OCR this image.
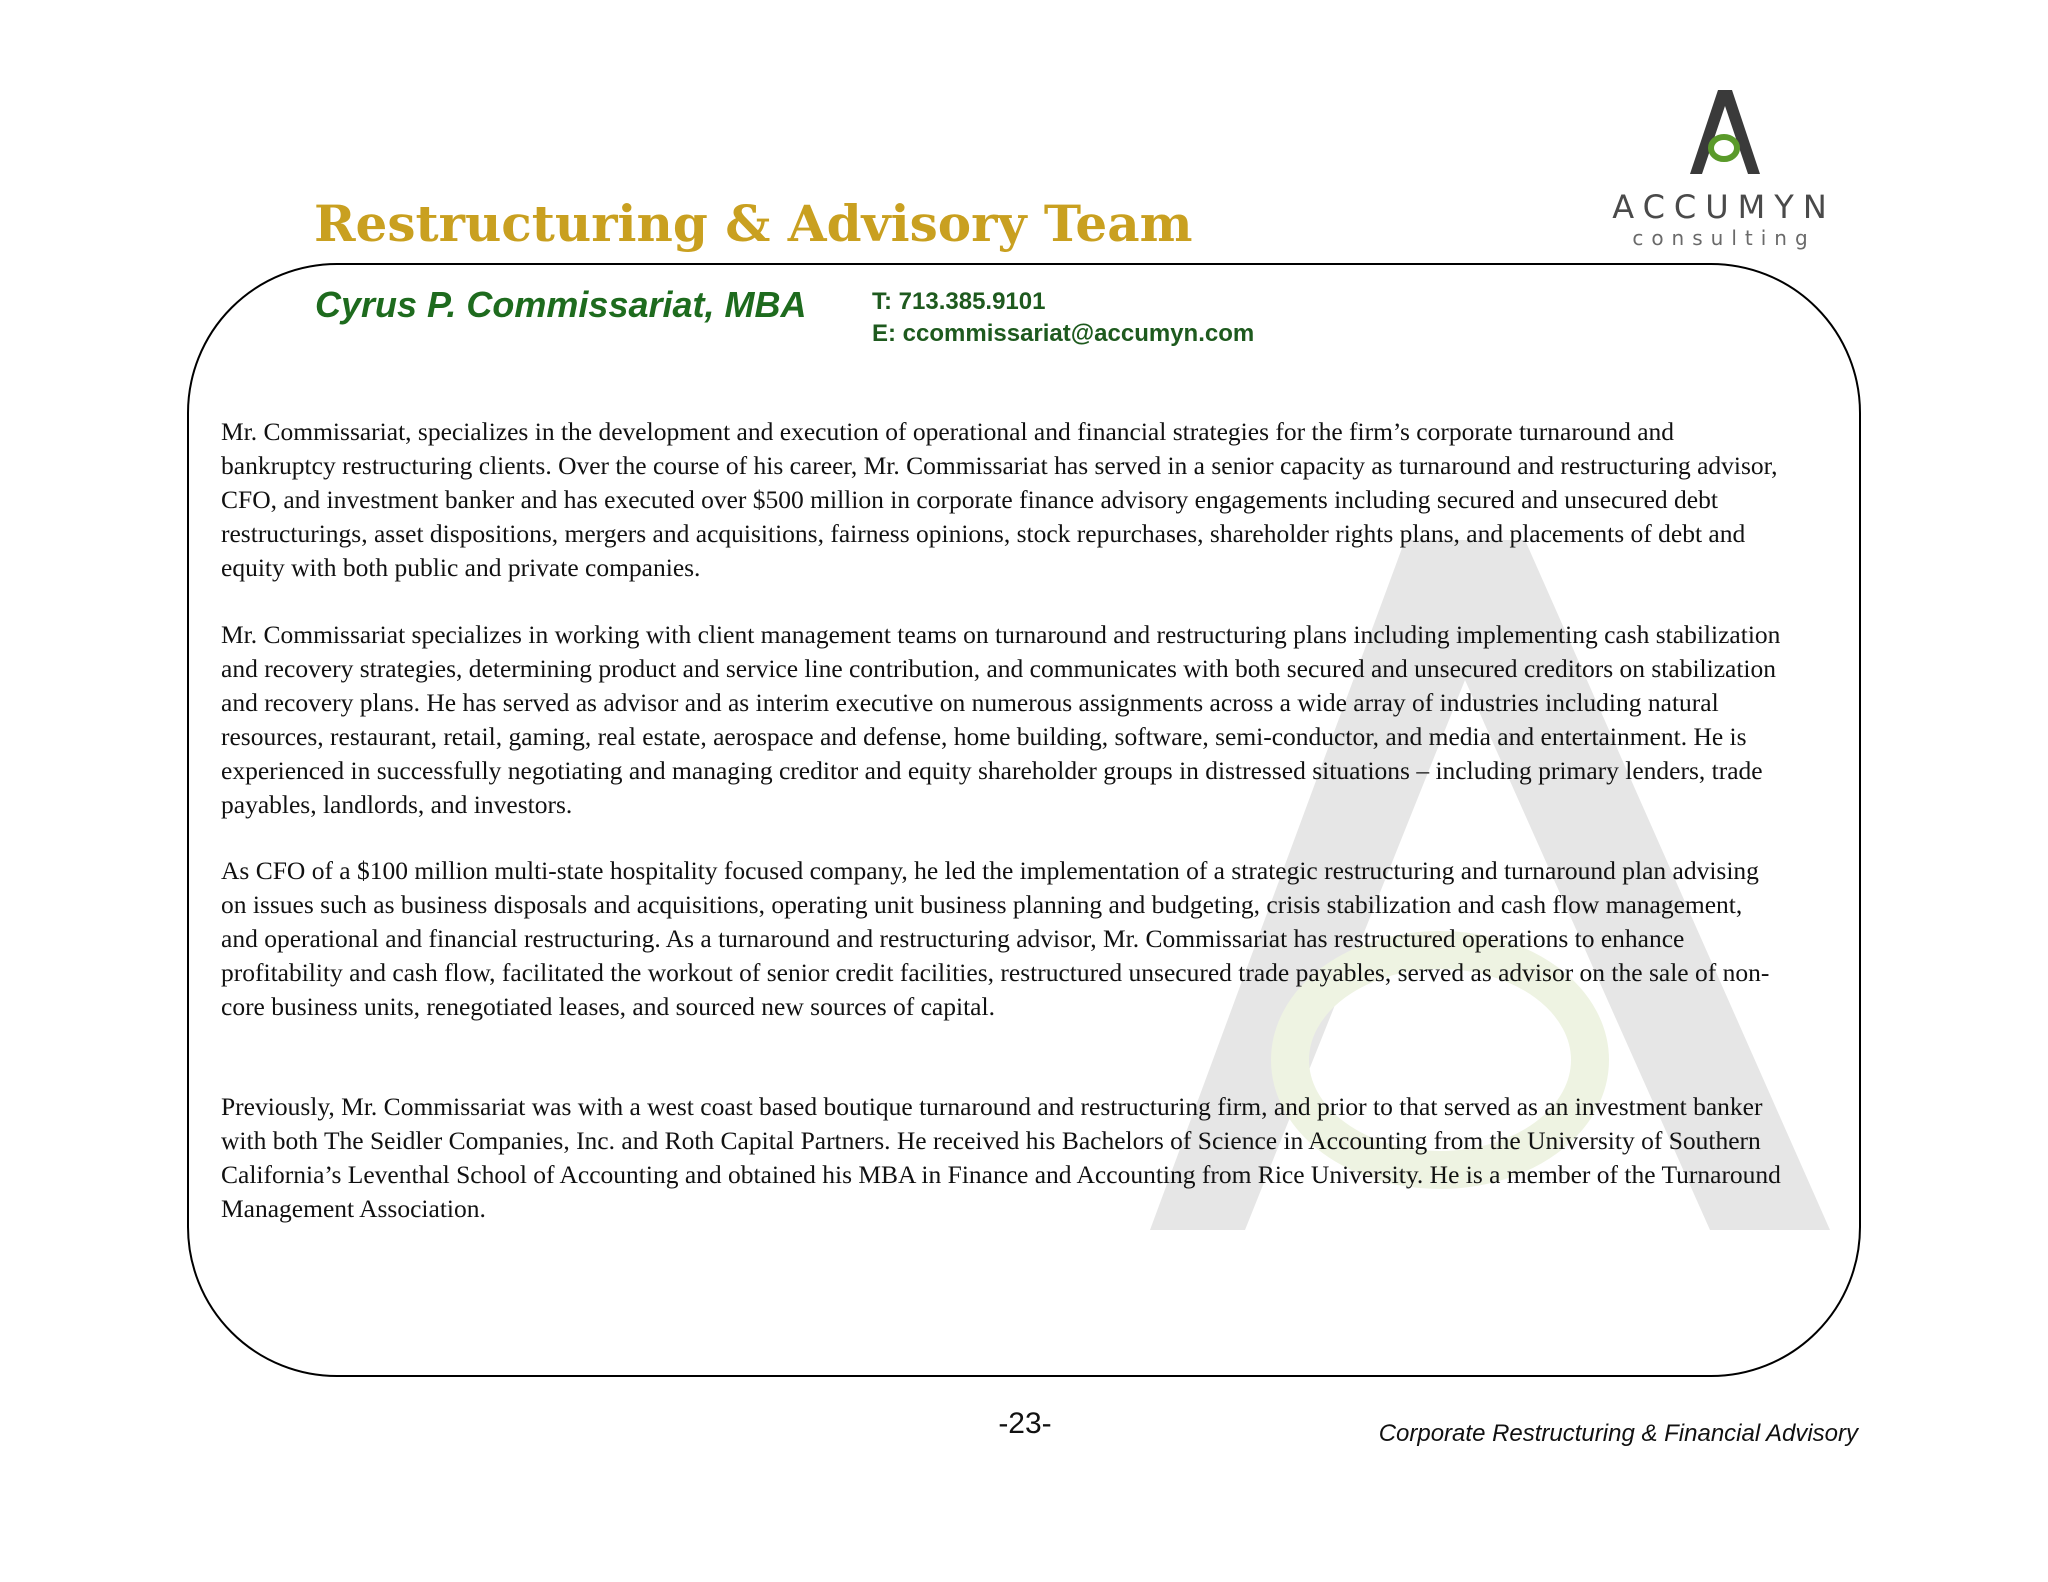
ACCUMYN
consulting
Restructuring & Advisory Team
Cyrus P. Commissariat, MBA	T: 713.385.9101
E: ccommissariat@accumyn.com

Mr. Commissariat, specializes in the development and execution of operational and financial strategies for the firm’s corporate turnaround and bankruptcy restructuring clients. Over the course of his career, Mr. Commissariat has served in a senior capacity as turnaround and restructuring advisor, CFO, and investment banker and has executed over $500 million in corporate finance advisory engagements including secured and unsecured debt restructurings, asset dispositions, mergers and acquisitions, fairness opinions, stock repurchases, shareholder rights plans, and placements of debt and equity with both public and private companies.

Mr. Commissariat specializes in working with client management teams on turnaround and restructuring plans including implementing cash stabilization and recovery strategies, determining product and service line contribution, and communicates with both secured and unsecured creditors on stabilization and recovery plans. He has served as advisor and as interim executive on numerous assignments across a wide array of industries including natural resources, restaurant, retail, gaming, real estate, aerospace and defense, home building, software, semi-conductor, and media and entertainment. He is experienced in successfully negotiating and managing creditor and equity shareholder groups in distressed situations – including primary lenders, trade payables, landlords, and investors.

As CFO of a $100 million multi-state hospitality focused company, he led the implementation of a strategic restructuring and turnaround plan advising on issues such as business disposals and acquisitions, operating unit business planning and budgeting, crisis stabilization and cash flow management, and operational and financial restructuring. As a turnaround and restructuring advisor, Mr. Commissariat has restructured operations to enhance profitability and cash flow, facilitated the workout of senior credit facilities, restructured unsecured trade payables, served as advisor on the sale of non-core business units, renegotiated leases, and sourced new sources of capital.

Previously, Mr. Commissariat was with a west coast based boutique turnaround and restructuring firm, and prior to that served as an investment banker with both The Seidler Companies, Inc. and Roth Capital Partners. He received his Bachelors of Science in Accounting from the University of Southern California’s Leventhal School of Accounting and obtained his MBA in Finance and Accounting from Rice University. He is a member of the Turnaround Management Association.

-23-	Corporate Restructuring & Financial Advisory
